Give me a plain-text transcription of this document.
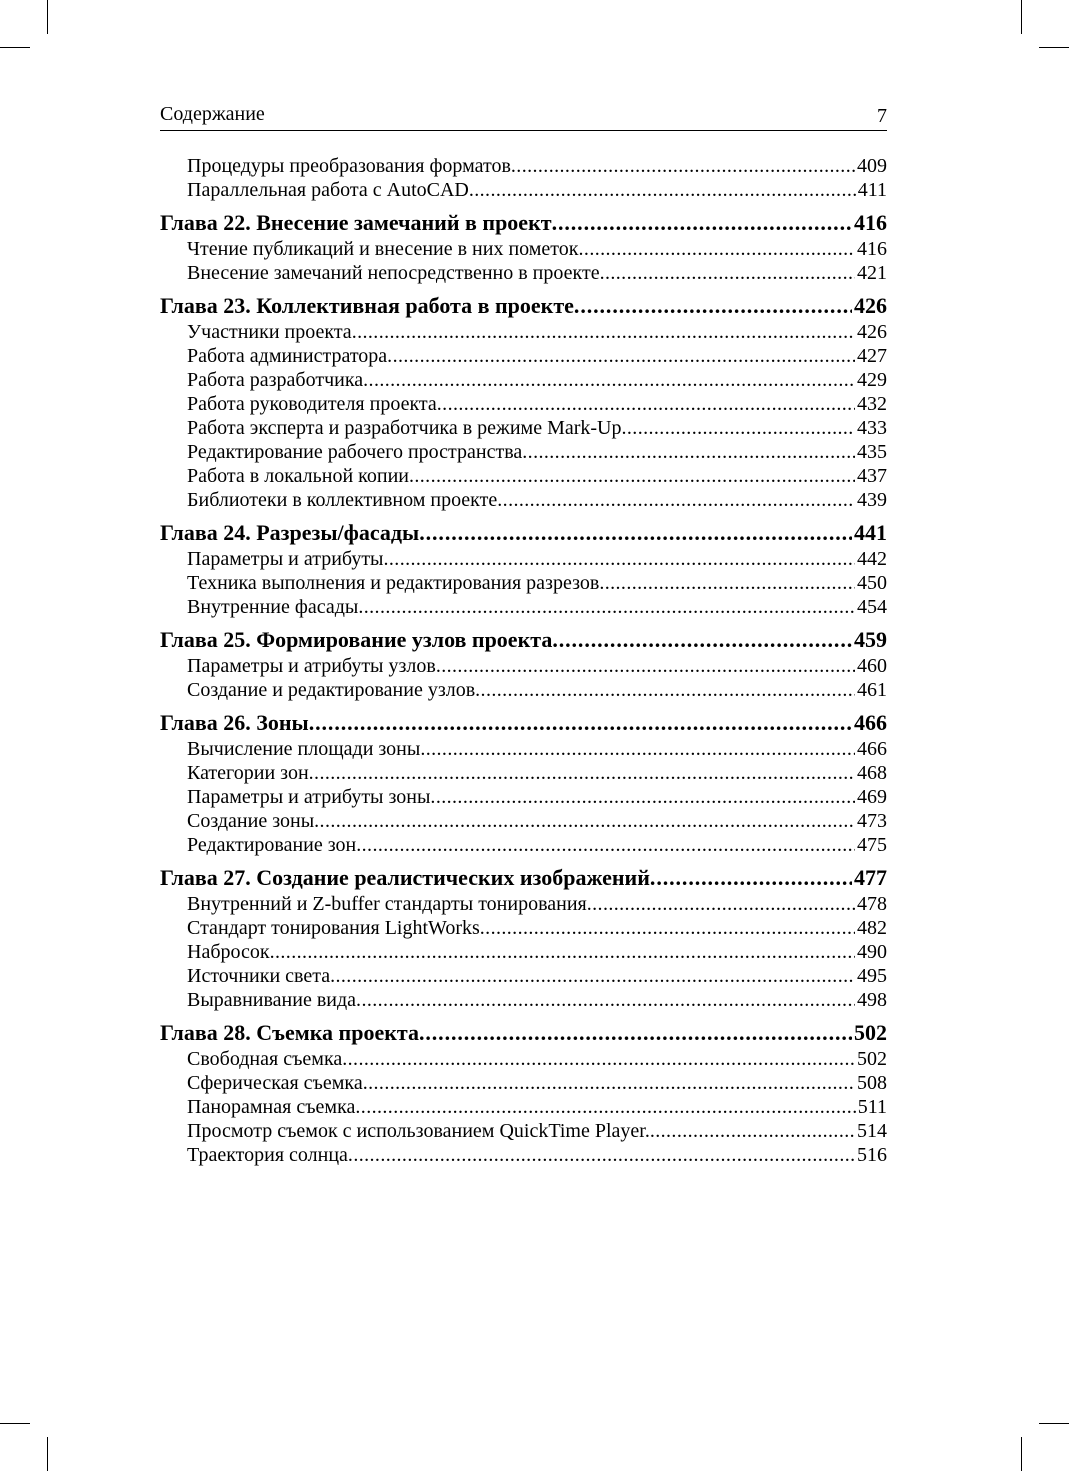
Содержание	7
Процедуры преобразования форматов . . .	409
Параллельная работа с AutoCAD . . .	411
Глава 22. Внесение замечаний в проект . . .	416
Чтение публикаций и внесение в них пометок . . .	416
Внесение замечаний непосредственно в проекте . . .	421
Глава 23. Коллективная работа в проекте . . .	426
Участники проекта . . .	426
Работа администратора . . .	427
Работа разработчика . . .	429
Работа руководителя проекта . . .	432
Работа эксперта и разработчика в режиме Mark-Up . . .	433
Редактирование рабочего пространства . . .	435
Работа в локальной копии . . .	437
Библиотеки в коллективном проекте . . .	439
Глава 24. Разрезы/фасады . . .	441
Параметры и атрибуты . . .	442
Техника выполнения и редактирования разрезов . . .	450
Внутренние фасады . . .	454
Глава 25. Формирование узлов проекта . . .	459
Параметры и атрибуты узлов . . .	460
Создание и редактирование узлов . . .	461
Глава 26. Зоны . . .	466
Вычисление площади зоны . . .	466
Категории зон . . .	468
Параметры и атрибуты зоны . . .	469
Создание зоны . . .	473
Редактирование зон . . .	475
Глава 27. Создание реалистических изображений . . .	477
Внутренний и Z-buffer стандарты тонирования . . .	478
Стандарт тонирования LightWorks . . .	482
Набросок . . .	490
Источники света . . .	495
Выравнивание вида . . .	498
Глава 28. Съемка проекта . . .	502
Свободная съемка . . .	502
Сферическая съемка . . .	508
Панорамная съемка . . .	511
Просмотр съемок с использованием QuickTime Player. . . .	514
Траектория солнца . . .	516
